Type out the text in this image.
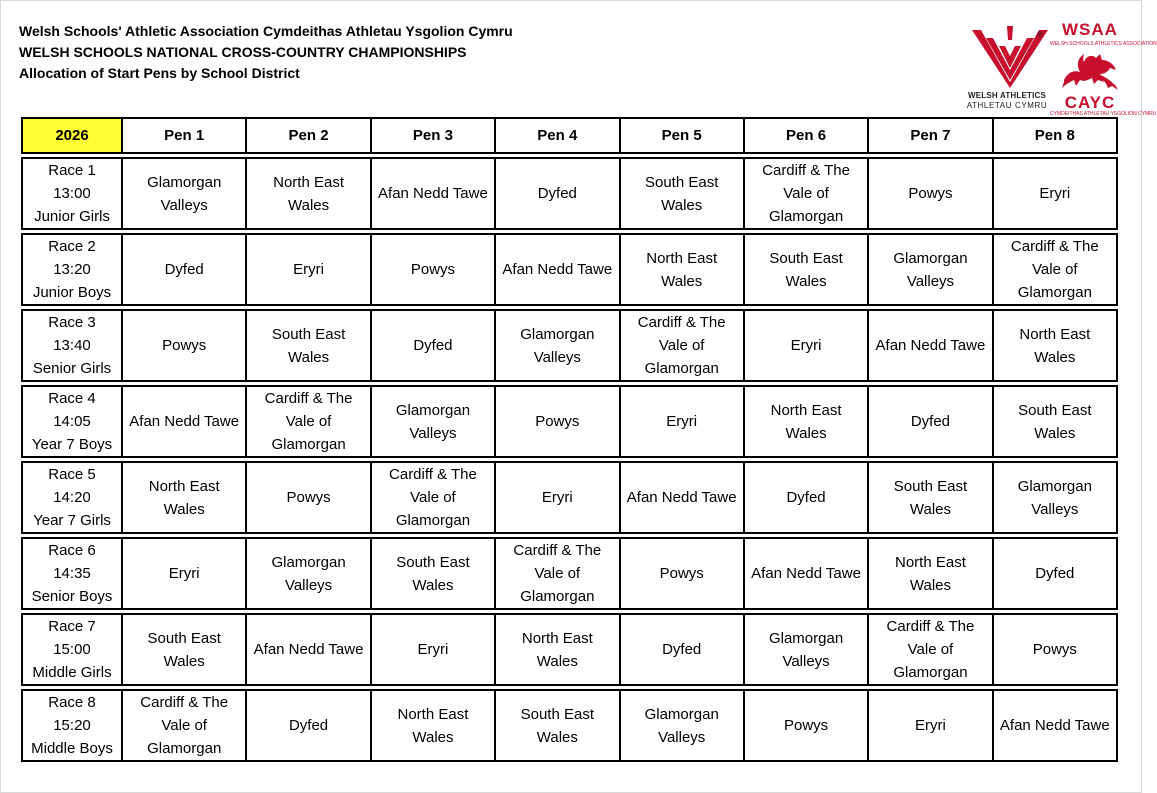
Welsh Schools' Athletic Association Cymdeithas Athletau Ysgolion Cymru
WELSH SCHOOLS NATIONAL CROSS-COUNTRY CHAMPIONSHIPS
Allocation of Start Pens by School District
®
WELSH ATHLETICS
ATHLETAU CYMRU
WSAA
WELSH SCHOOLS ATHLETICS ASSOCIATION
CAYC
CYMDEITHAS ATHLETAU YSGOLION CYMRU
2026	Pen 1	Pen 2	Pen 3	Pen 4	Pen 5	Pen 6	Pen 7	Pen 8

Race 1
13:00
Junior Girls	Glamorgan
Valleys	North East
Wales	Afan Nedd Tawe	Dyfed	South East
Wales	Cardiff & The
Vale of
Glamorgan	Powys	Eryri

Race 2
13:20
Junior Boys	Dyfed	Eryri	Powys	Afan Nedd Tawe	North East
Wales	South East
Wales	Glamorgan
Valleys	Cardiff & The
Vale of
Glamorgan

Race 3
13:40
Senior Girls	Powys	South East
Wales	Dyfed	Glamorgan
Valleys	Cardiff & The
Vale of
Glamorgan	Eryri	Afan Nedd Tawe	North East
Wales

Race 4
14:05
Year 7 Boys	Afan Nedd Tawe	Cardiff & The
Vale of
Glamorgan	Glamorgan
Valleys	Powys	Eryri	North East
Wales	Dyfed	South East
Wales

Race 5
14:20
Year 7 Girls	North East
Wales	Powys	Cardiff & The
Vale of
Glamorgan	Eryri	Afan Nedd Tawe	Dyfed	South East
Wales	Glamorgan
Valleys

Race 6
14:35
Senior Boys	Eryri	Glamorgan
Valleys	South East
Wales	Cardiff & The
Vale of
Glamorgan	Powys	Afan Nedd Tawe	North East
Wales	Dyfed

Race 7
15:00
Middle Girls	South East
Wales	Afan Nedd Tawe	Eryri	North East
Wales	Dyfed	Glamorgan
Valleys	Cardiff & The
Vale of
Glamorgan	Powys

Race 8
15:20
Middle Boys	Cardiff & The
Vale of
Glamorgan	Dyfed	North East
Wales	South East
Wales	Glamorgan
Valleys	Powys	Eryri	Afan Nedd Tawe
